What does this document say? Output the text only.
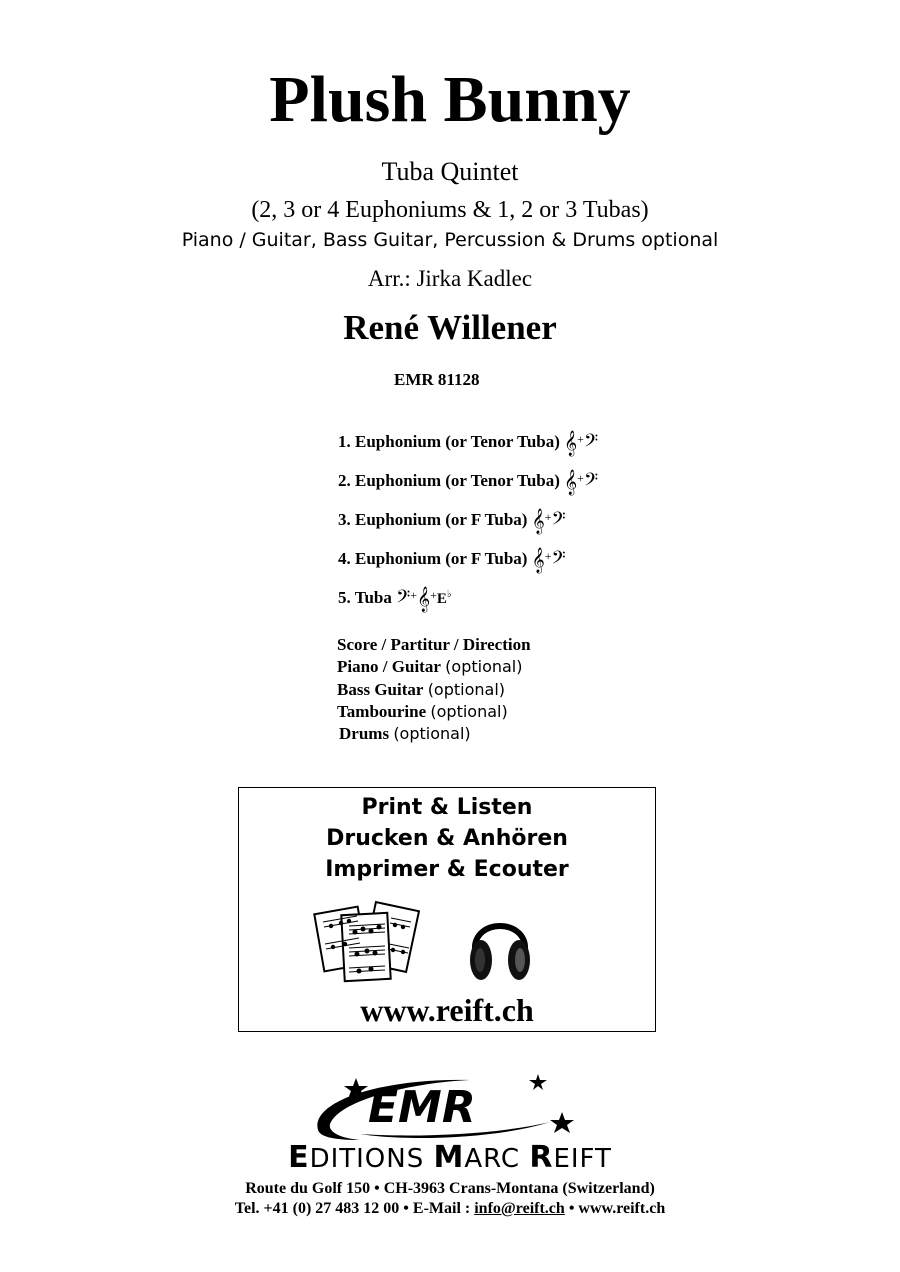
Plush Bunny
Tuba Quintet
(2, 3 or 4 Euphoniums & 1, 2 or 3 Tubas)
Piano / Guitar, Bass Guitar, Percussion & Drums optional
Arr.: Jirka Kadlec
René Willener
EMR 81128
1. Euphonium (or Tenor Tuba) 𝄞+𝄢
2. Euphonium (or Tenor Tuba) 𝄞+𝄢
3. Euphonium (or F Tuba) 𝄞+𝄢
4. Euphonium (or F Tuba) 𝄞+𝄢
5. Tuba 𝄢+𝄞+E♭
Score / Partitur / Direction
Piano / Guitar (optional)
Bass Guitar (optional)
Tambourine (optional)
Drums (optional)
Print & Listen
Drucken & Anhören
Imprimer & Ecouter
www.reift.ch
EMR
EDITIONS MARC REIFT
Route du Golf 150 • CH-3963 Crans-Montana (Switzerland)
Tel. +41 (0) 27 483 12 00 • E-Mail : info@reift.ch • www.reift.ch
